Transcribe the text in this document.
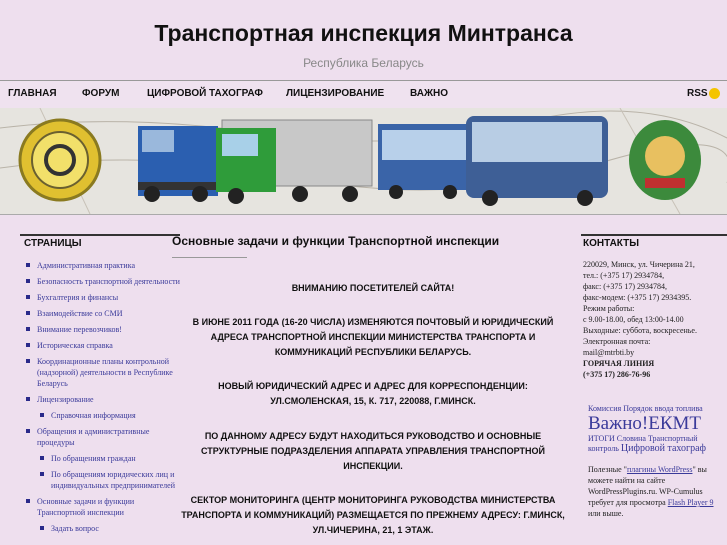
Транспортная инспекция Минтранса
Республика Беларусь
ГЛАВНАЯ	ФОРУМ	ЦИФРОВОЙ ТАХОГРАФ ЛИЦЕНЗИРОВАНИЕ	ВАЖНО	RSS
СТРАНИЦЫ
Административная практика
Безопасность транспортной деятельности
Бухгалтерия и финансы
Взаимодействие со СМИ
Внимание перевозчиков!
Историческая справка
Координационные планы контрольной (надзорной) деятельности в Республике Беларусь
Лицензирование
Справочная информация
Обращения и административные процедуры
По обращениям граждан
По обращениям юридических лиц и индивидуальных предпринимателей
Основные задачи и функции Транспортной инспекции
Задать вопрос
Основные задачи и функции Транспортной инспекции
ВНИМАНИЮ ПОСЕТИТЕЛЕЙ САЙТА!
В ИЮНЕ 2011 ГОДА (16-20 ЧИСЛА) ИЗМЕНЯЮТСЯ ПОЧТОВЫЙ И ЮРИДИЧЕСКИЙ АДРЕСА ТРАНСПОРТНОЙ ИНСПЕКЦИИ МИНИСТЕРСТВА ТРАНСПОРТА И КОММУНИКАЦИЙ РЕСПУБЛИКИ БЕЛАРУСЬ.
НОВЫЙ ЮРИДИЧЕСКИЙ АДРЕС И АДРЕС ДЛЯ КОРРЕСПОНДЕНЦИИ: УЛ.СМОЛЕНСКАЯ, 15, К. 717, 220088, Г.МИНСК.
ПО ДАННОМУ АДРЕСУ БУДУТ НАХОДИТЬСЯ РУКОВОДСТВО И ОСНОВНЫЕ СТРУКТУРНЫЕ ПОДРАЗДЕЛЕНИЯ АППАРАТА УПРАВЛЕНИЯ ТРАНСПОРТНОЙ ИНСПЕКЦИИ.
СЕКТОР МОНИТОРИНГА (ЦЕНТР МОНИТОРИНГА РУКОВОДСТВА МИНИСТЕРСТВА ТРАНСПОРТА И КОММУНИКАЦИЙ) РАЗМЕЩАЕТСЯ ПО ПРЕЖНЕМУ АДРЕСУ: Г.МИНСК, УЛ.ЧИЧЕРИНА, 21, 1 ЭТАЖ.
КОНТАКТЫ
220029, Минск, ул. Чичерина 21,
тел.: (+375 17) 2934784,
факс: (+375 17) 2934784,
факс-модем: (+375 17) 2934395.
Режим работы:
с 9.00-18.00, обед 13:00-14.00
Выходные: суббота, воскресенье.
Электронная почта:
mail@mtrbti.by
ГОРЯЧАЯ ЛИНИЯ
(+375 17) 286-76-96
Комиссия Порядок ввода топлива
Важно!ЕКМТ
ИТОГИ Словина Транспортный
контроль Цифровой тахограф
Полезные "плагины WordPress" вы можете найти на сайте WordPressPlugins.ru. WP-Cumulus требует для просмотра Flash Player 9 или выше.
